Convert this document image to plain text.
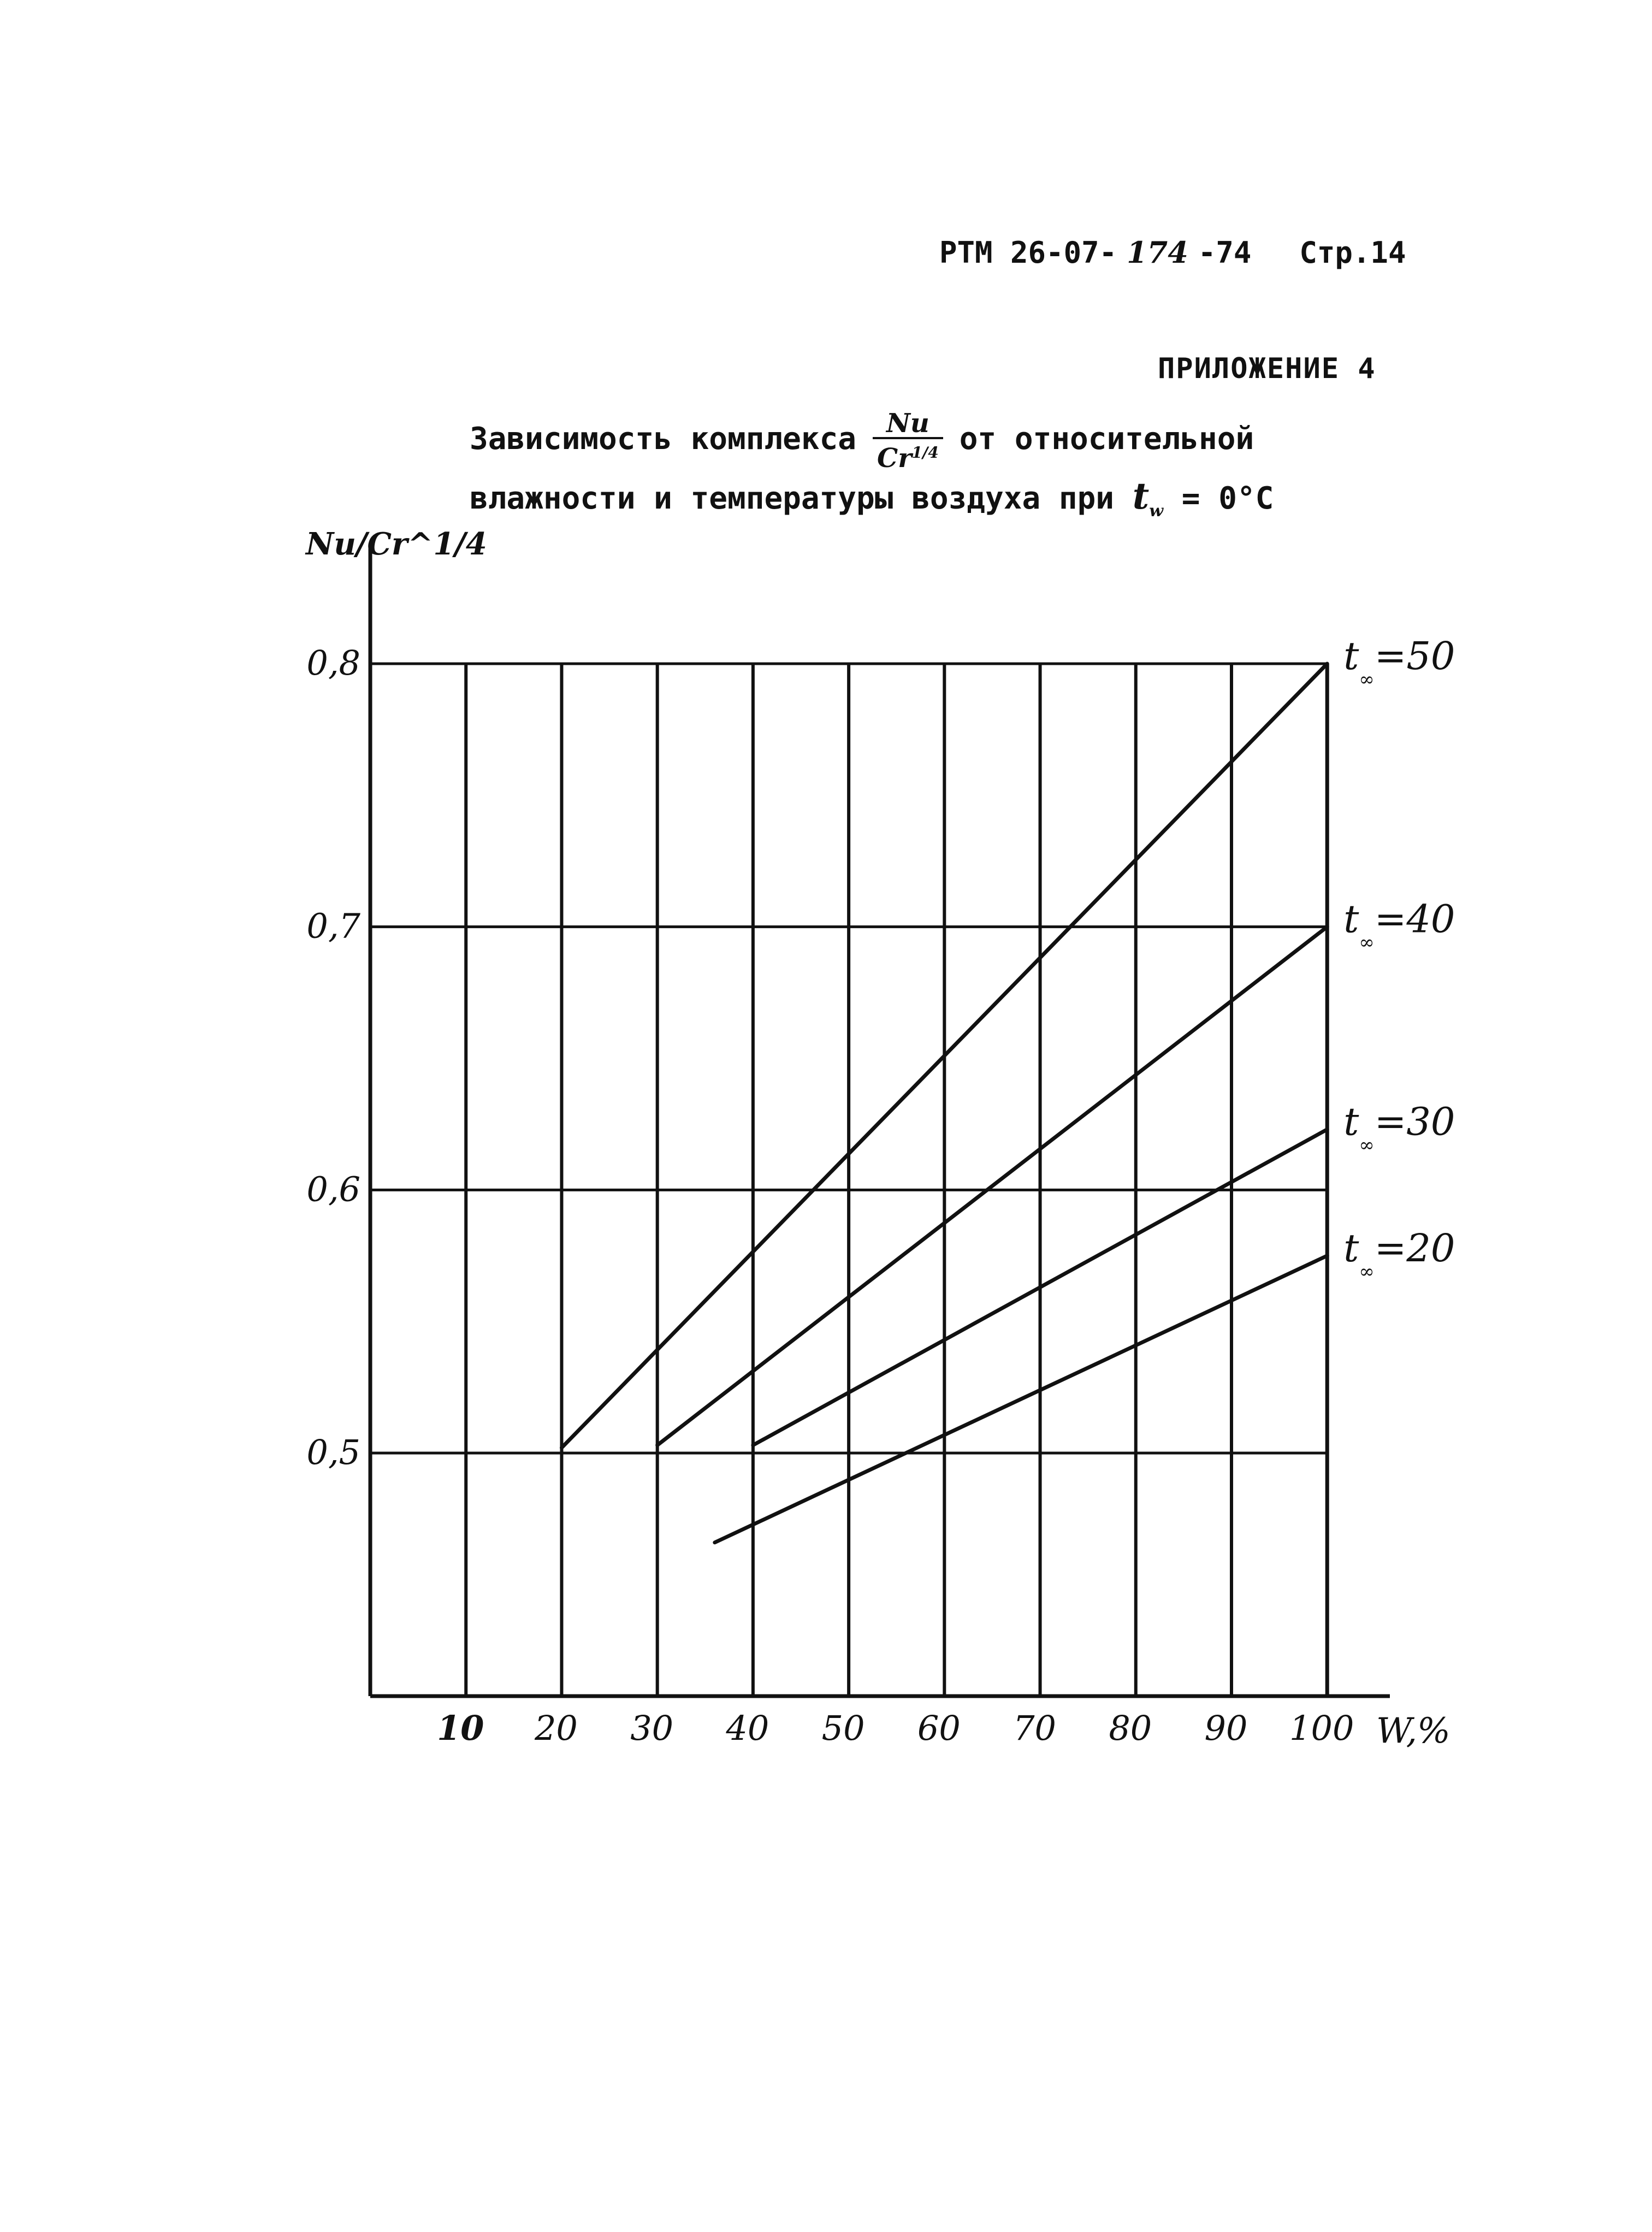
РТМ 26-07- 174 -74 Стр.14
ПРИЛОЖЕНИЕ 4
Зависимость комплекса $\frac{Nu}{Cr^{1/4}}$ от относительной
влажности и температуры воздуха при $t_w = 0^\circ C$
10 20 30 40 50 60 70 80 90 100
0,8
0,7
0,6
0,5
$t_\infty=50$
$t_\infty=40$
$t_\infty=30$
$t_\infty=20$
W,%
Nu/Cr^1/4
